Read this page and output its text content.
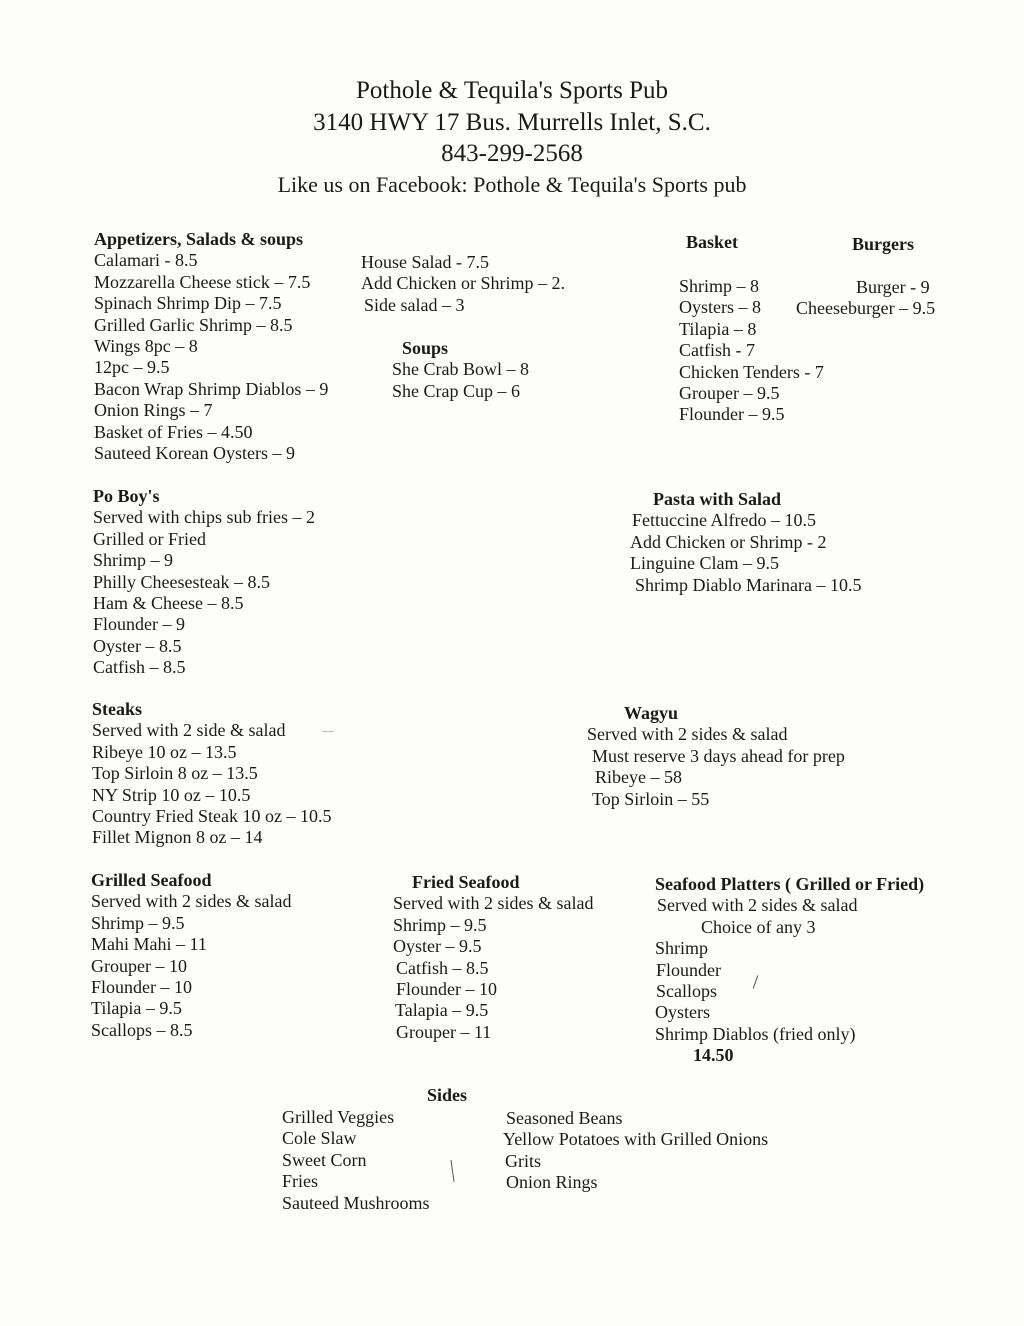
Pothole & Tequila's Sports Pub
3140 HWY 17 Bus. Murrells Inlet, S.C.
843-299-2568
Like us on Facebook: Pothole & Tequila's Sports pub
Appetizers, Salads & soups
Calamari - 8.5
Mozzarella Cheese stick – 7.5
Spinach Shrimp Dip – 7.5
Grilled Garlic Shrimp – 8.5
Wings 8pc – 8
12pc – 9.5
Bacon Wrap Shrimp Diablos – 9
Onion Rings – 7
Basket of Fries – 4.50
Sauteed Korean Oysters – 9
House Salad - 7.5
Add Chicken or Shrimp – 2.
Side salad – 3
Soups
She Crab Bowl – 8
She Crap Cup – 6
Basket
Shrimp – 8
Oysters – 8
Tilapia – 8
Catfish - 7
Chicken Tenders - 7
Grouper – 9.5
Flounder – 9.5
Burgers
Burger - 9
Cheeseburger – 9.5
Po Boy's
Served with chips sub fries – 2
Grilled or Fried
Shrimp – 9
Philly Cheesesteak – 8.5
Ham & Cheese – 8.5
Flounder – 9
Oyster – 8.5
Catfish – 8.5
Pasta with Salad
Fettuccine Alfredo – 10.5
Add Chicken or Shrimp - 2
Linguine Clam – 9.5
Shrimp Diablo Marinara – 10.5
Steaks
Served with 2 side & salad
Ribeye 10 oz – 13.5
Top Sirloin 8 oz – 13.5
NY Strip 10 oz – 10.5
Country Fried Steak 10 oz – 10.5
Fillet Mignon 8 oz – 14
Wagyu
Served with 2 sides & salad
Must reserve 3 days ahead for prep
Ribeye – 58
Top Sirloin – 55
Grilled Seafood
Served with 2 sides & salad
Shrimp – 9.5
Mahi Mahi – 11
Grouper – 10
Flounder – 10
Tilapia – 9.5
Scallops – 8.5
Fried Seafood
Served with 2 sides & salad
Shrimp – 9.5
Oyster – 9.5
Catfish – 8.5
Flounder – 10
Talapia – 9.5
Grouper – 11
Seafood Platters ( Grilled or Fried)
Served with 2 sides & salad
Choice of any 3
Shrimp
Flounder
Scallops
Oysters
Shrimp Diablos (fried only)
14.50
Sides
Grilled Veggies
Cole Slaw
Sweet Corn
Fries
Sauteed Mushrooms
Seasoned Beans
Yellow Potatoes with Grilled Onions
Grits
Onion Rings
